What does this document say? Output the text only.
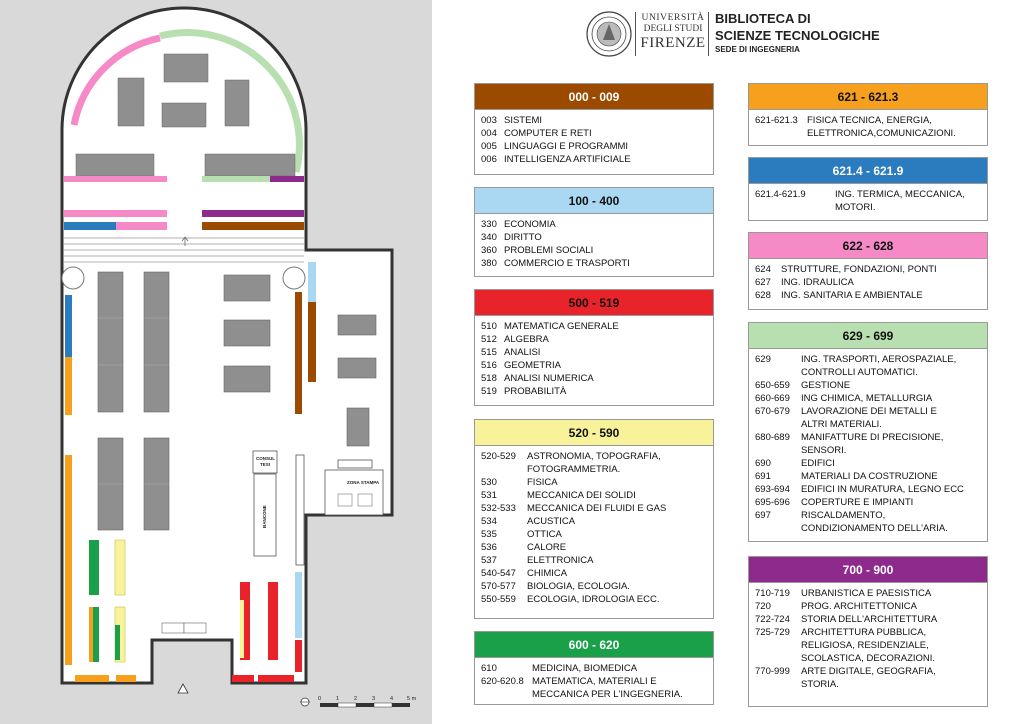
CONSUL
TESI
BANCONE
ZONA STAMPA
0	1	2	3	4	5 m
UNIVERSITÀ
DEGLI STUDI
FIRENZE
BIBLIOTECA DI
SCIENZE TECNOLOGICHE
SEDE DI INGEGNERIA
000 - 009
003 SISTEMI
004 COMPUTER E RETI
005 LINGUAGGI E PROGRAMMI
006 INTELLIGENZA ARTIFICIALE
100 - 400
330 ECONOMIA
340 DIRITTO
360 PROBLEMI SOCIALI
380 COMMERCIO E TRASPORTI
500 - 519
510 MATEMATICA GENERALE
512 ALGEBRA
515 ANALISI
516 GEOMETRIA
518 ANALISI NUMERICA
519 PROBABILITÀ
520 - 590
520-529	ASTRONOMIA, TOPOGRAFIA,
FOTOGRAMMETRIA.
530	FISICA
531	MECCANICA DEI SOLIDI
532-533	MECCANICA DEI FLUIDI E GAS
534	ACUSTICA
535	OTTICA
536	CALORE
537	ELETTRONICA
540-547	CHIMICA
570-577	BIOLOGIA, ECOLOGIA.
550-559	ECOLOGIA, IDROLOGIA ECC.
600 - 620
610	MEDICINA, BIOMEDICA
620-620.8 MATEMATICA, MATERIALI E
MECCANICA PER L'INGEGNERIA.
621 - 621.3
621-621.3 FISICA TECNICA, ENERGIA,
ELETTRONICA,COMUNICAZIONI.
621.4 - 621.9
621.4-621.9	ING. TERMICA, MECCANICA,
MOTORI.
622 - 628
624	STRUTTURE, FONDAZIONI, PONTI
627	ING. IDRAULICA
628	ING. SANITARIA E AMBIENTALE
629 - 699
629	ING. TRASPORTI, AEROSPAZIALE,
CONTROLLI AUTOMATICI.
650-659	GESTIONE
660-669	ING CHIMICA, METALLURGIA
670-679	LAVORAZIONE DEI METALLI E
ALTRI MATERIALI.
680-689	MANIFATTURE DI PRECISIONE,
SENSORI.
690	EDIFICI
691	MATERIALI DA COSTRUZIONE
693-694	EDIFICI IN MURATURA, LEGNO ECC
695-696	COPERTURE E IMPIANTI
697	RISCALDAMENTO,
CONDIZIONAMENTO DELL'ARIA.
700 - 900
710-719	URBANISTICA E PAESISTICA
720	PROG. ARCHITETTONICA
722-724	STORIA DELL'ARCHITETTURA
725-729	ARCHITETTURA PUBBLICA,
RELIGIOSA, RESIDENZIALE,
SCOLASTICA, DECORAZIONI.
770-999	ARTE DIGITALE, GEOGRAFIA,
STORIA.
